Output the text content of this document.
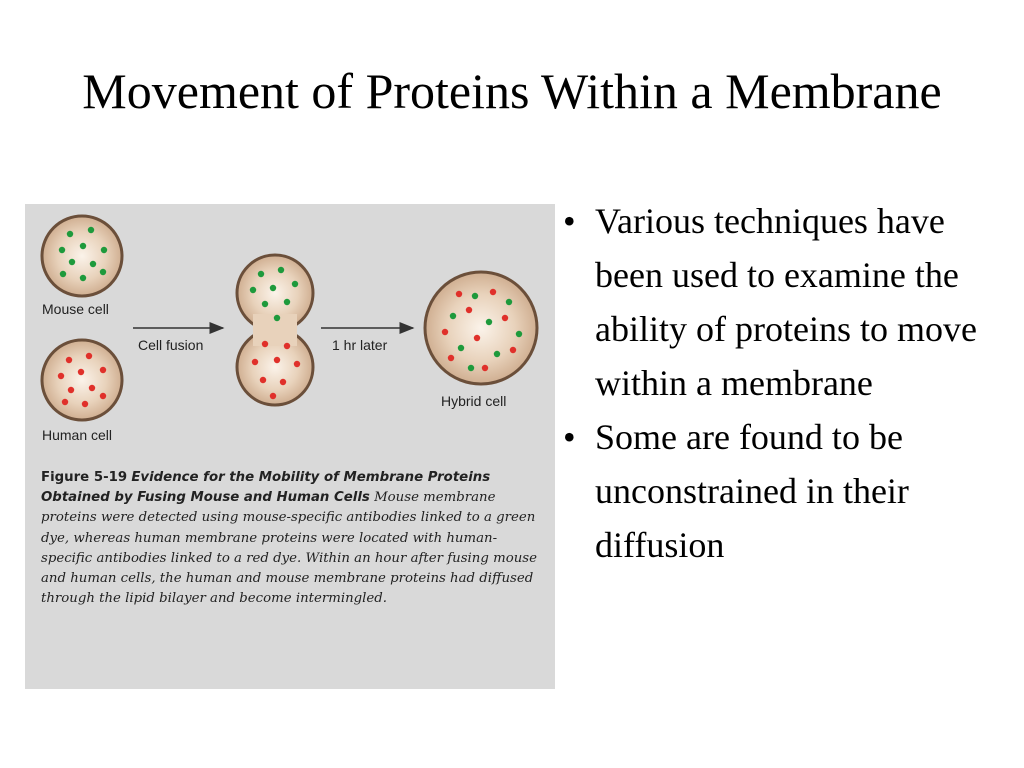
Movement of Proteins Within a Membrane
Mouse cell
Human cell
Cell fusion	1 hr later
Hybrid cell
Figure 5-19 Evidence for the Mobility of Membrane Proteins Obtained by Fusing Mouse and Human Cells Mouse membrane proteins were detected using mouse-specific antibodies linked to a green dye, whereas human membrane proteins were located with human-specific antibodies linked to a red dye. Within an hour after fusing mouse and human cells, the human and mouse membrane proteins had diffused through the lipid bilayer and become intermingled.
• Various techniques have been used to examine the ability of proteins to move within a membrane
• Some are found to be unconstrained in their diffusion
